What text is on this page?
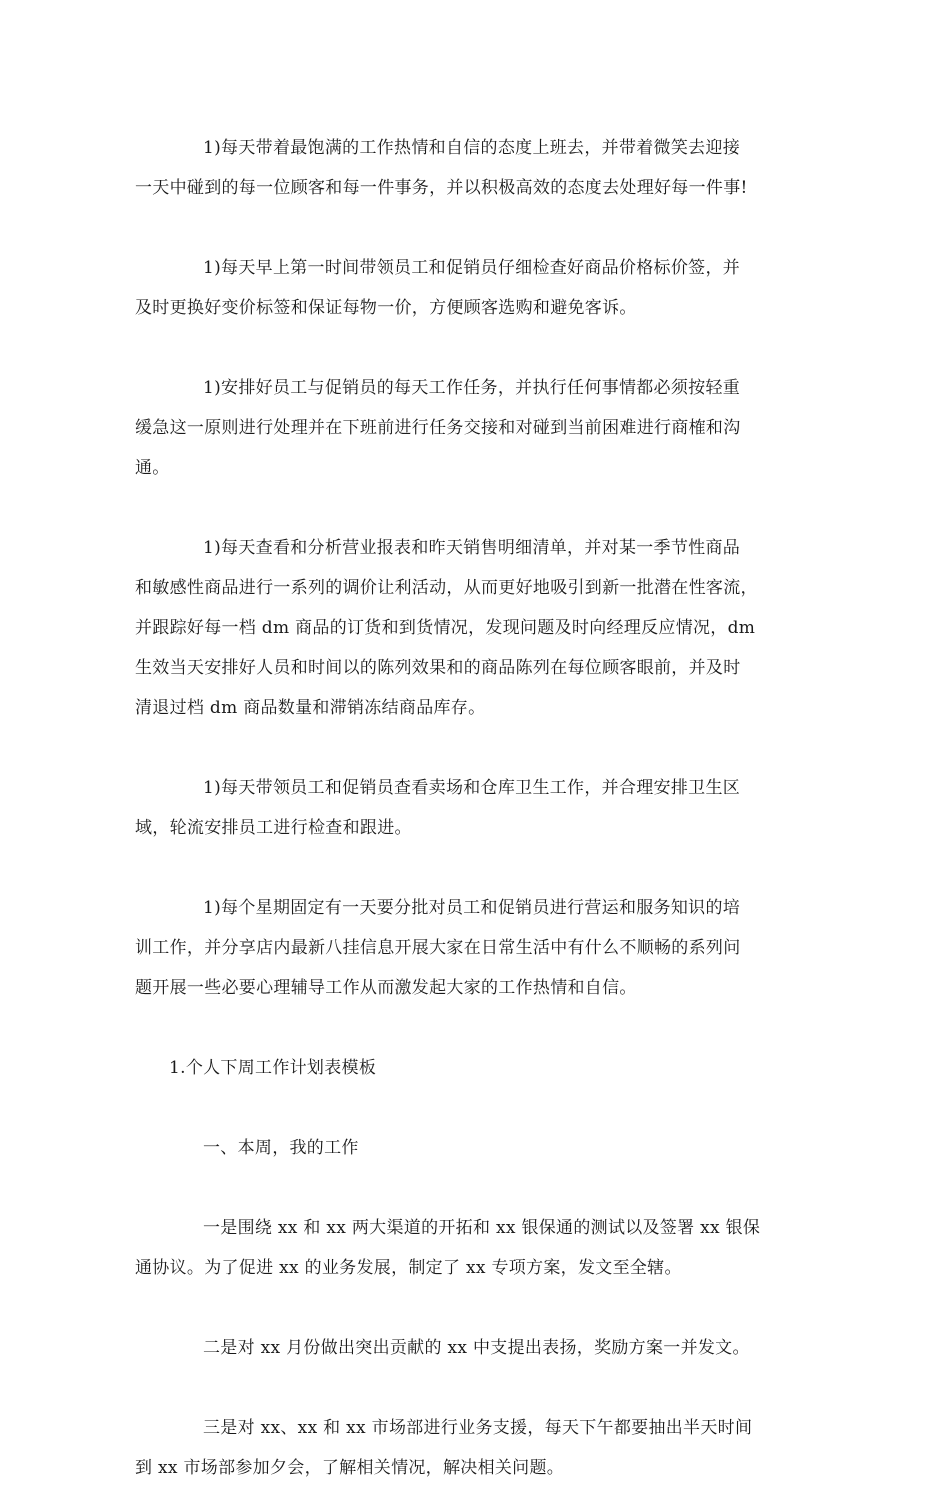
1)每天带着最饱满的工作热情和自信的态度上班去，并带着微笑去迎接
一天中碰到的每一位顾客和每一件事务，并以积极高效的态度去处理好每一件事!
1)每天早上第一时间带领员工和促销员仔细检查好商品价格标价签，并
及时更换好变价标签和保证每物一价，方便顾客选购和避免客诉。
1)安排好员工与促销员的每天工作任务，并执行任何事情都必须按轻重
缓急这一原则进行处理并在下班前进行任务交接和对碰到当前困难进行商榷和沟
通。
1)每天查看和分析营业报表和昨天销售明细清单，并对某一季节性商品
和敏感性商品进行一系列的调价让利活动，从而更好地吸引到新一批潜在性客流，
并跟踪好每一档 dm 商品的订货和到货情况，发现问题及时向经理反应情况，dm
生效当天安排好人员和时间以的陈列效果和的商品陈列在每位顾客眼前，并及时
清退过档 dm 商品数量和滞销冻结商品库存。
1)每天带领员工和促销员查看卖场和仓库卫生工作，并合理安排卫生区
域，轮流安排员工进行检查和跟进。
1)每个星期固定有一天要分批对员工和促销员进行营运和服务知识的培
训工作，并分享店内最新八挂信息开展大家在日常生活中有什么不顺畅的系列问
题开展一些必要心理辅导工作从而激发起大家的工作热情和自信。
1.个人下周工作计划表模板
一、本周，我的工作
一是围绕 xx 和 xx 两大渠道的开拓和 xx 银保通的测试以及签署 xx 银保
通协议。为了促进 xx 的业务发展，制定了 xx 专项方案，发文至全辖。
二是对 xx 月份做出突出贡献的 xx 中支提出表扬，奖励方案一并发文。
三是对 xx、xx 和 xx 市场部进行业务支援，每天下午都要抽出半天时间
到 xx 市场部参加夕会，了解相关情况，解决相关问题。
